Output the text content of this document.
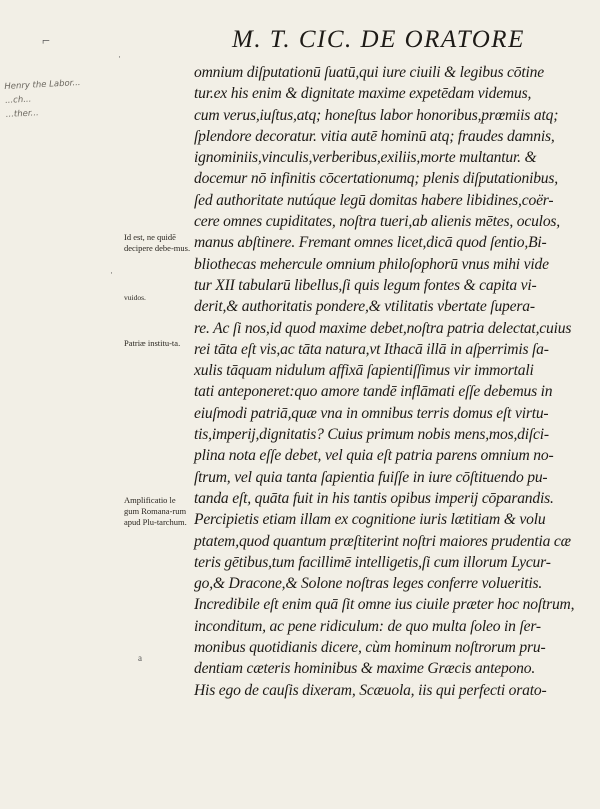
⌐
·
M. T. CIC. DE ORATORE
Henry the Labor...
...ch...
...ther...
Id est, ne quidē decipere debe-mus.
vuidos.
Patriæ institu-ta.
Amplificatio le gum Romana-rum apud Plu-tarchum.
·
a
omnium diſputationū ſuatū,qui iure ciuili & legibus cōtine
tur.ex his enim & dignitate maxime expetēdam videmus,
cum verus,iuſtus,atq; honeſtus labor honoribus,prœmiis atq;
ſplendore decoratur. vitia autē hominū atq; fraudes damnis,
ignominiis,vinculis,verberibus,exiliis,morte multantur. &
docemur nō infinitis cōcertationumq; plenis diſputationibus,
ſed authoritate nutúque legū domitas habere libidines,coër-
cere omnes cupiditates, noſtra tueri,ab alienis mētes, oculos,
manus abſtinere. Fremant omnes licet,dicā quod ſentio,Bi-
bliothecas mehercule omnium philoſophorū vnus mihi vide
tur XII tabularū libellus,ſi quis legum fontes & capita vi-
derit,& authoritatis pondere,& vtilitatis vbertate ſupera-
re. Ac ſi nos,id quod maxime debet,noſtra patria delectat,cuius
rei tāta eſt vis,ac tāta natura,vt Ithacā illā in aſperrimis ſa-
xulis tāquam nidulum affixā ſapientiſſimus vir immortali
tati anteponeret:quo amore tandē inflāmati eſſe debemus in
eiuſmodi patriā,quæ vna in omnibus terris domus eſt virtu-
tis,imperij,dignitatis? Cuius primum nobis mens,mos,diſci-
plina nota eſſe debet, vel quia eſt patria parens omnium no-
ſtrum, vel quia tanta ſapientia fuiſſe in iure cōſtituendo pu-
tanda eſt, quāta fuit in his tantis opibus imperij cōparandis.
Percipietis etiam illam ex cognitione iuris lætitiam & volu
ptatem,quod quantum præſtiterint noſtri maiores prudentia cæ
teris gētibus,tum facillimē intelligetis,ſi cum illorum Lycur-
go,& Dracone,& Solone noſtras leges conferre volueritis.
Incredibile eſt enim quā ſit omne ius ciuile præter hoc noſtrum,
inconditum, ac pene ridiculum: de quo multa ſoleo in ſer-
monibus quotidianis dicere, cùm hominum noſtrorum pru-
dentiam cæteris hominibus & maxime Græcis antepono.
His ego de cauſis dixeram, Scæuola, iis qui perfecti orato-
